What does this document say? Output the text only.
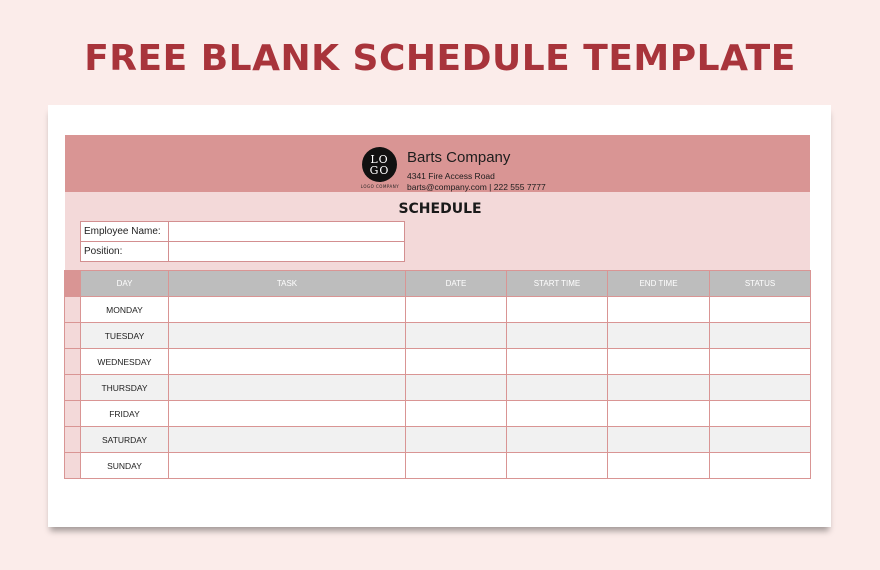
FREE BLANK SCHEDULE TEMPLATE
LO
GO
LOGO COMPANY
Barts Company
4341 Fire Access Road
barts@company.com | 222 555 7777
SCHEDULE
Employee Name:	
Position:	
	DAY	TASK	DATE	START TIME	END TIME	STATUS
	MONDAY					
	TUESDAY					
	WEDNESDAY					
	THURSDAY					
	FRIDAY					
	SATURDAY					
	SUNDAY					
